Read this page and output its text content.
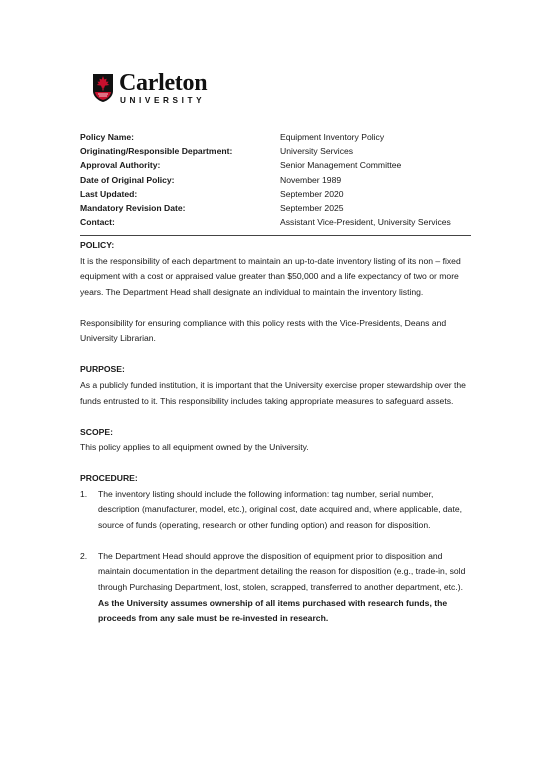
Carleton
UNIVERSITY
Policy Name:	Equipment Inventory Policy
Originating/Responsible Department:	University Services
Approval Authority:	Senior Management Committee
Date of Original Policy:	November 1989
Last Updated:	September 2020
Mandatory Revision Date:	September 2025
Contact:	Assistant Vice-President, University Services
POLICY:

It is the responsibility of each department to maintain an up-to-date inventory listing of its non – fixed equipment with a cost or appraised value greater than $50,000 and a life expectancy of two or more years. The Department Head shall designate an individual to maintain the inventory listing.

Responsibility for ensuring compliance with this policy rests with the Vice-Presidents, Deans and University Librarian.

PURPOSE:

As a publicly funded institution, it is important that the University exercise proper stewardship over the funds entrusted to it. This responsibility includes taking appropriate measures to safeguard assets.

SCOPE:

This policy applies to all equipment owned by the University.

PROCEDURE:
1. The inventory listing should include the following information: tag number, serial number, description (manufacturer, model, etc.), original cost, date acquired and, where applicable, date, source of funds (operating, research or other funding option) and reason for disposition.
2. The Department Head should approve the disposition of equipment prior to disposition and maintain documentation in the department detailing the reason for disposition (e.g., trade-in, sold through Purchasing Department, lost, stolen, scrapped, transferred to another department, etc.). As the University assumes ownership of all items purchased with research funds, the proceeds from any sale must be re-invested in research.
